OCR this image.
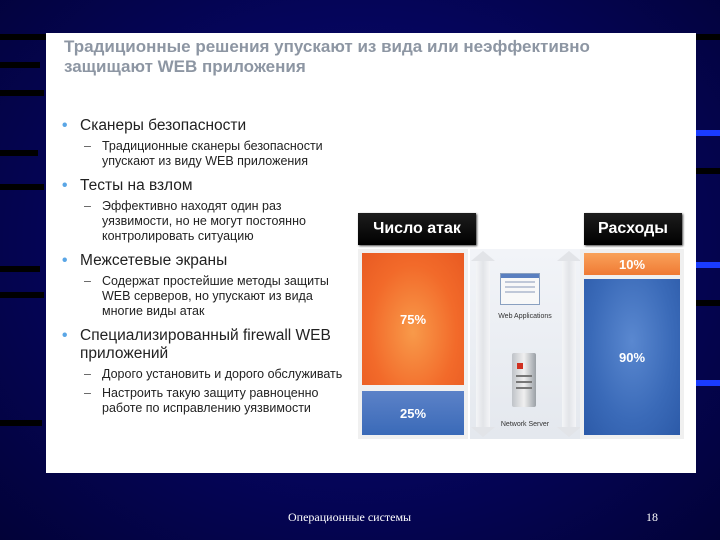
Традиционные решения упускают из вида или неэффективно
защищают WEB приложения
• Сканеры безопасности
– Традиционные сканеры безопасности
упускают из виду WEB приложения
• Тесты на взлом
– Эффективно находят один раз
уязвимости, но не могут постоянно
контролировать ситуацию
• Межсетевые экраны
– Содержат простейшие методы защиты
WEB серверов, но упускают из вида
многие виды атак
• Специализированный firewall WEB приложений
– Дорого установить и дорого обслуживать
– Настроить такую защиту равноценно
работе по исправлению уязвимости
Число атак	Расходы
75%
25%
Web Applications
Network Server
10%
90%
Операционные системы	18
